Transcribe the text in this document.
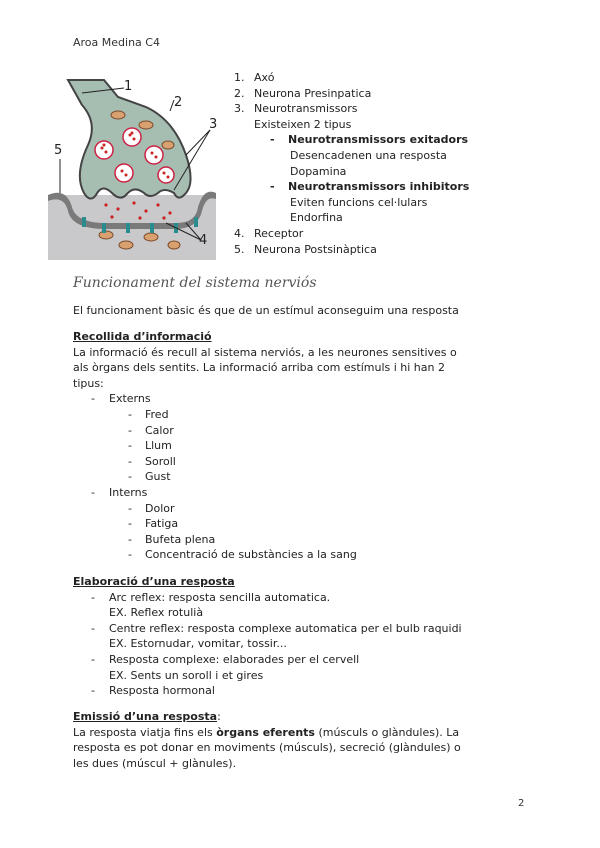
Aroa Medina C4
1
2
3
4
5
1. Axó
2. Neurona Presinpatica
3. Neurotransmissors
Existeixen 2 tipus
- Neurotransmissors exitadors
Desencadenen una resposta
Dopamina
- Neurotransmissors inhibitors
Eviten funcions cel·lulars
Endorfina
4. Receptor
5. Neurona Postsinàptica
Funcionament del sistema nerviós
El funcionament bàsic és que de un estímul aconseguim una resposta
Recollida d’informació
La informació és recull al sistema nerviós, a les neurones sensitives o
als òrgans dels sentits. La informació arriba com estímuls i hi han 2
tipus:
- Externs
- Fred
- Calor
- Llum
- Soroll
- Gust
- Interns
- Dolor
- Fatiga
- Bufeta plena
- Concentració de substàncies a la sang
Elaboració d’una resposta
- Arc reflex: resposta sencilla automatica.
EX. Reflex rotulià
- Centre reflex: resposta complexe automatica per el bulb raquidi
EX. Estornudar, vomitar, tossir...
- Resposta complexe: elaborades per el cervell
EX. Sents un soroll i et gires
- Resposta hormonal
Emissió d’una resposta:
La resposta viatja fins els òrgans eferents (músculs o glàndules). La
resposta es pot donar en moviments (músculs), secreció (glàndules) o
les dues (múscul + glànules).
2
